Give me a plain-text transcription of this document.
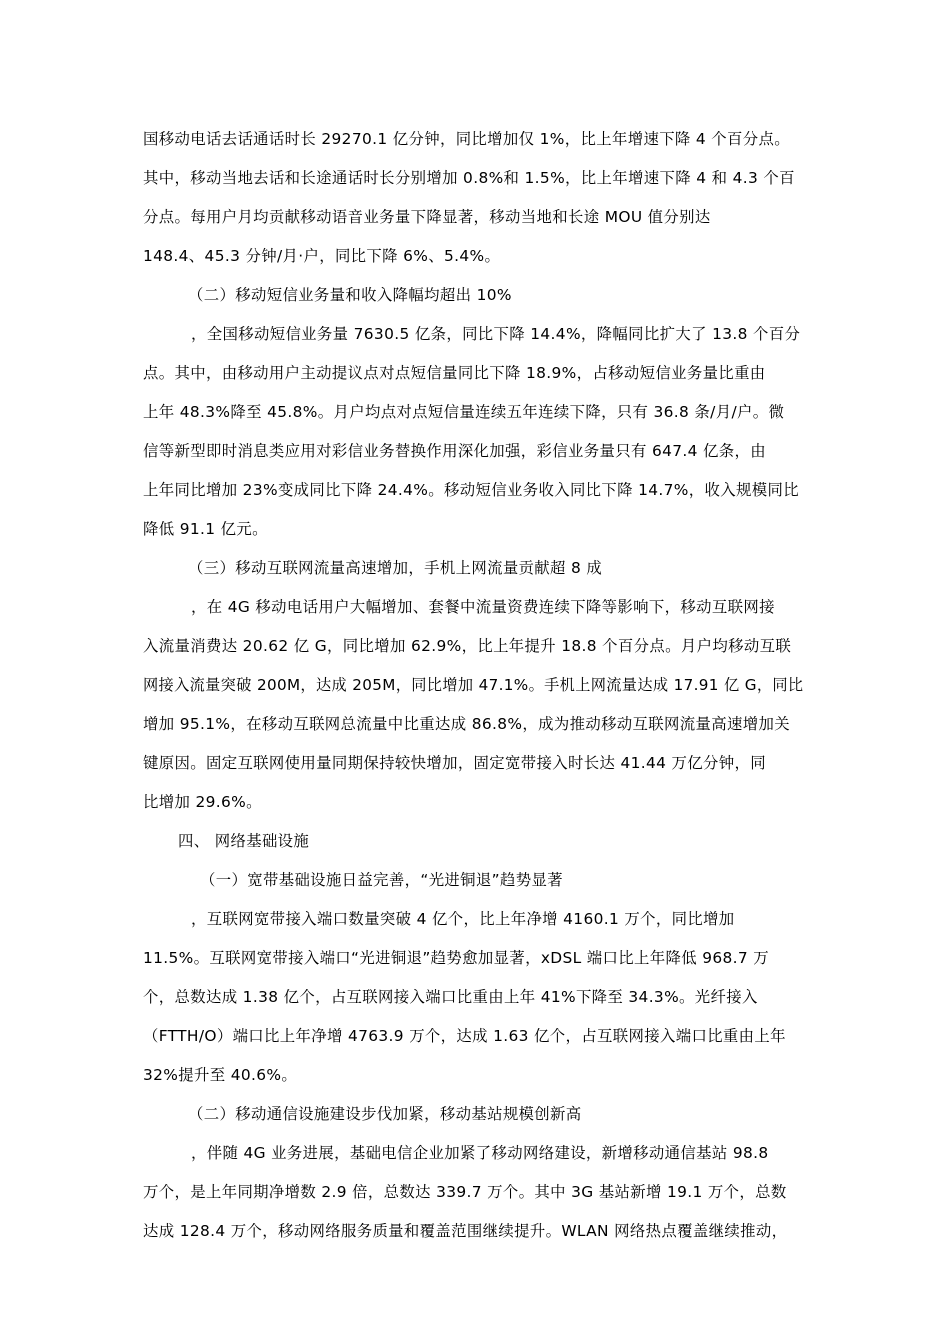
国移动电话去话通话时长 29270.1 亿分钟，同比增加仅 1%，比上年增速下降 4 个百分点。
其中，移动当地去话和长途通话时长分别增加 0.8%和 1.5%，比上年增速下降 4 和 4.3 个百
分点。每用户月均贡献移动语音业务量下降显著，移动当地和长途 MOU 值分别达
148.4、45.3 分钟/月·户，同比下降 6%、5.4%。
（二）移动短信业务量和收入降幅均超出 10%
，全国移动短信业务量 7630.5 亿条，同比下降 14.4%，降幅同比扩大了 13.8 个百分
点。其中，由移动用户主动提议点对点短信量同比下降 18.9%，占移动短信业务量比重由
上年 48.3%降至 45.8%。月户均点对点短信量连续五年连续下降，只有 36.8 条/月/户。微
信等新型即时消息类应用对彩信业务替换作用深化加强，彩信业务量只有 647.4 亿条，由
上年同比增加 23%变成同比下降 24.4%。移动短信业务收入同比下降 14.7%，收入规模同比
降低 91.1 亿元。
（三）移动互联网流量高速增加，手机上网流量贡献超 8 成
，在 4G 移动电话用户大幅增加、套餐中流量资费连续下降等影响下，移动互联网接
入流量消费达 20.62 亿 G，同比增加 62.9%，比上年提升 18.8 个百分点。月户均移动互联
网接入流量突破 200M，达成 205M，同比增加 47.1%。手机上网流量达成 17.91 亿 G，同比
增加 95.1%，在移动互联网总流量中比重达成 86.8%，成为推动移动互联网流量高速增加关
键原因。固定互联网使用量同期保持较快增加，固定宽带接入时长达 41.44 万亿分钟，同
比增加 29.6%。
四、 网络基础设施
（一）宽带基础设施日益完善，“光进铜退”趋势显著
，互联网宽带接入端口数量突破 4 亿个，比上年净增 4160.1 万个，同比增加
11.5%。互联网宽带接入端口“光进铜退”趋势愈加显著，xDSL 端口比上年降低 968.7 万
个，总数达成 1.38 亿个，占互联网接入端口比重由上年 41%下降至 34.3%。光纤接入
（FTTH/O）端口比上年净增 4763.9 万个，达成 1.63 亿个，占互联网接入端口比重由上年
32%提升至 40.6%。
（二）移动通信设施建设步伐加紧，移动基站规模创新高
，伴随 4G 业务进展，基础电信企业加紧了移动网络建设，新增移动通信基站 98.8
万个，是上年同期净增数 2.9 倍，总数达 339.7 万个。其中 3G 基站新增 19.1 万个，总数
达成 128.4 万个，移动网络服务质量和覆盖范围继续提升。WLAN 网络热点覆盖继续推动，
